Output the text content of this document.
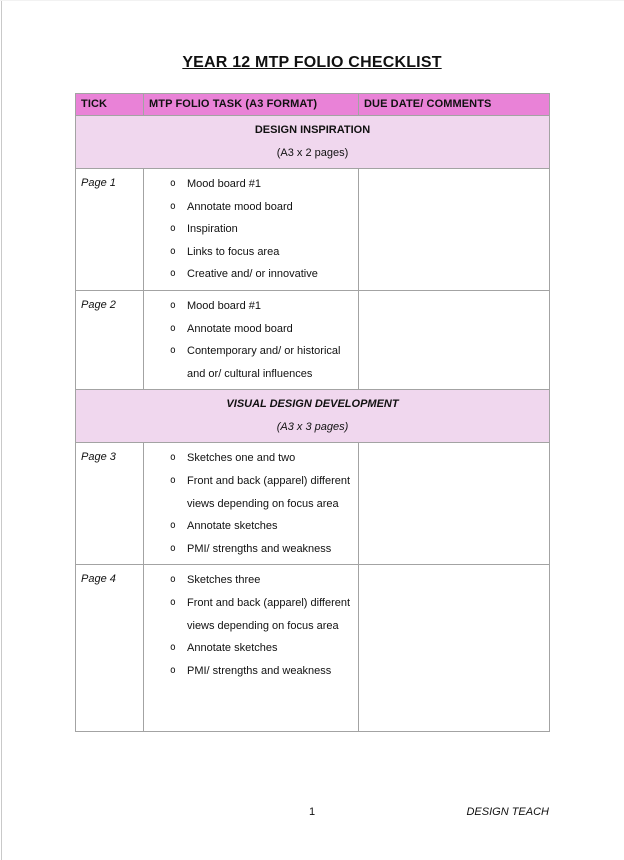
YEAR 12 MTP FOLIO CHECKLIST
TICK	MTP FOLIO TASK (A3 FORMAT)	DUE DATE/ COMMENTS

DESIGN INSPIRATION
(A3 x 2 pages)		

Page 1	o	Mood board #1
o	Annotate mood board
o	Inspiration
o	Links to focus area
o	Creative and/ or innovative

Page 2	o	Mood board #1
o	Annotate mood board
o	Contemporary and/ or historical and or/ cultural influences

VISUAL DESIGN DEVELOPMENT
(A3 x 3 pages)		

Page 3	o	Sketches one and two
o	Front and back (apparel) different views depending on focus area
o	Annotate sketches
o	PMI/ strengths and weakness

Page 4	o	Sketches three
o	Front and back (apparel) different views depending on focus area
o	Annotate sketches
o	PMI/ strengths and weakness

1	DESIGN TEACH
